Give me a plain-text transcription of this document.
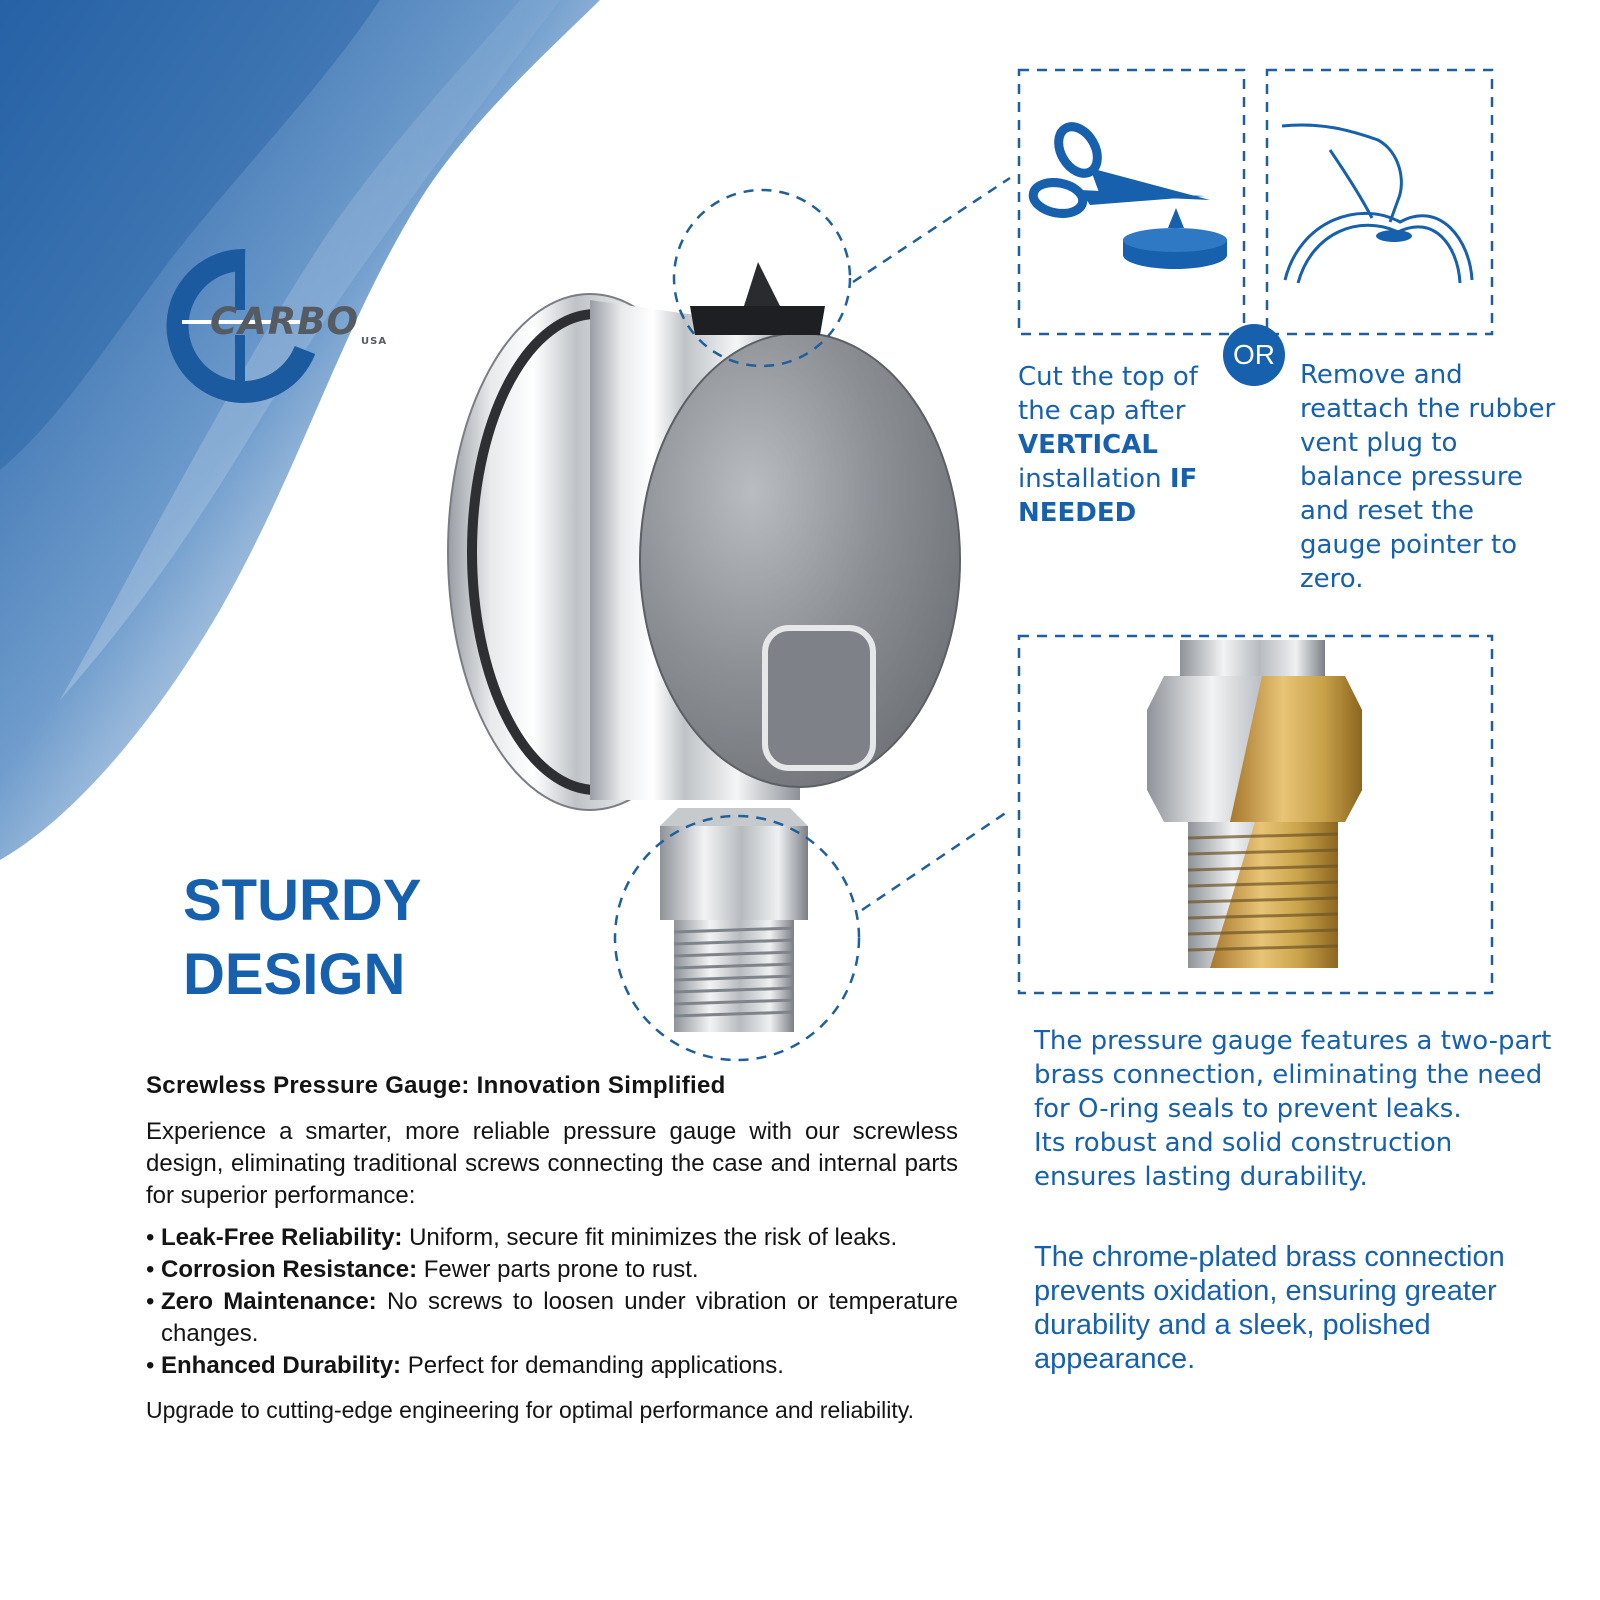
CARBO USA
STURDY
DESIGN

Screwless Pressure Gauge: Innovation Simplified

Experience a smarter, more reliable pressure gauge with our screwless design, eliminating traditional screws connecting the case and internal parts for superior performance:

• Leak-Free Reliability: Uniform, secure fit minimizes the risk of leaks.
• Corrosion Resistance: Fewer parts prone to rust.
• Zero Maintenance: No screws to loosen under vibration or temperature changes.
• Enhanced Durability: Perfect for demanding applications.

Upgrade to cutting-edge engineering for optimal performance and reliability.

Cut the top of
the cap after
VERTICAL
installation IF
NEEDED
OR
Remove and reattach the rubber vent plug to balance pressure and reset the gauge pointer to zero.

The pressure gauge features a two-part brass connection, eliminating the need for O-ring seals to prevent leaks.

Its robust and solid construction ensures lasting durability.

The chrome-plated brass connection prevents oxidation, ensuring greater durability and a sleek, polished appearance.
